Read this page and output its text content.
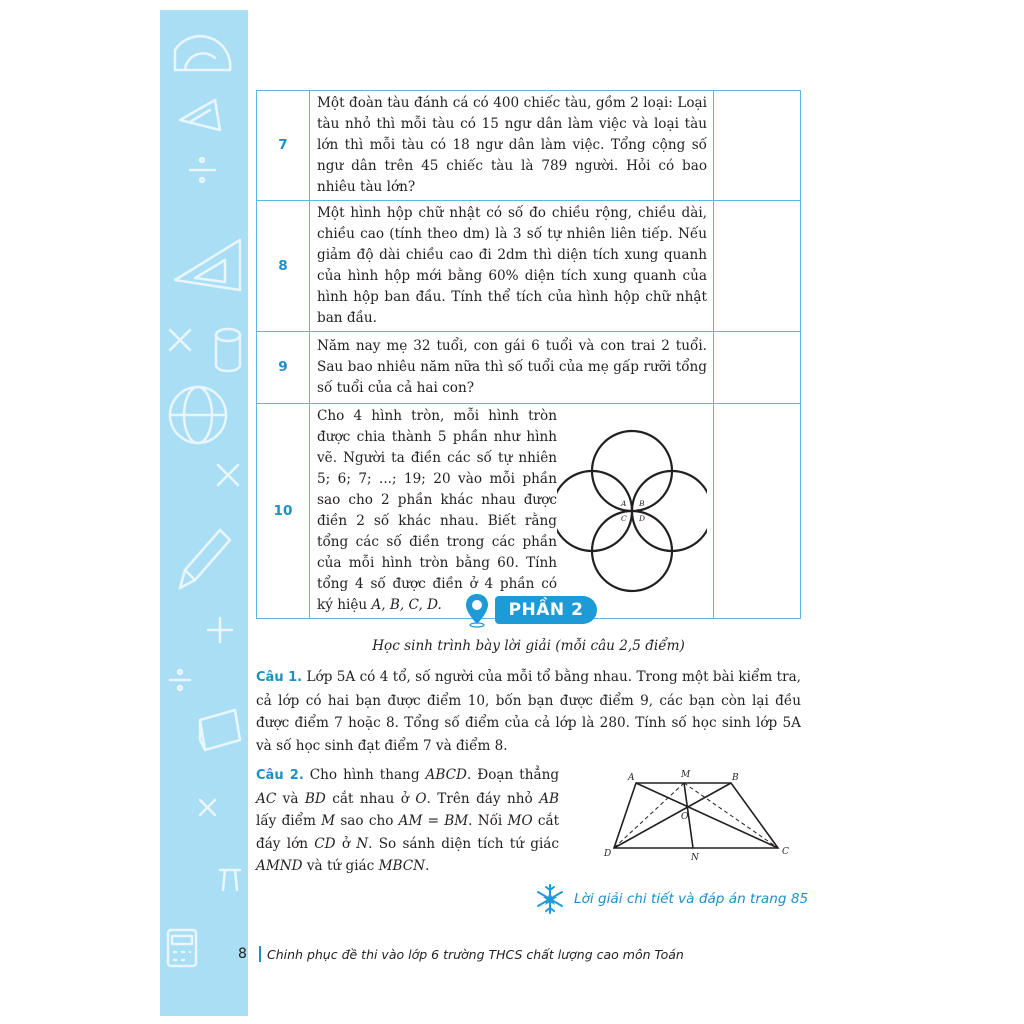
7	Một đoàn tàu đánh cá có 400 chiếc tàu, gồm 2 loại: Loại tàu nhỏ thì mỗi tàu có 15 ngư dân làm việc và loại tàu lớn thì mỗi tàu có 18 ngư dân làm việc. Tổng cộng số ngư dân trên 45 chiếc tàu là 789 người. Hỏi có bao nhiêu tàu lớn?	
8	Một hình hộp chữ nhật có số đo chiều rộng, chiều dài, chiều cao (tính theo dm) là 3 số tự nhiên liên tiếp. Nếu giảm độ dài chiều cao đi 2dm thì diện tích xung quanh của hình hộp mới bằng 60% diện tích xung quanh của hình hộp ban đầu. Tính thể tích của hình hộp chữ nhật ban đầu.	
9	Năm nay mẹ 32 tuổi, con gái 6 tuổi và con trai 2 tuổi. Sau bao nhiêu năm nữa thì số tuổi của mẹ gấp rưỡi tổng số tuổi của cả hai con?	
10	Cho 4 hình tròn, mỗi hình tròn được chia thành 5 phần như hình vẽ. Người ta điền các số tự nhiên 5; 6; 7; ...; 19; 20 vào mỗi phần sao cho 2 phần khác nhau được điền 2 số khác nhau. Biết rằng tổng các số điền trong các phần của mỗi hình tròn bằng 60. Tính tổng 4 số được điền ở 4 phần có ký hiệu A, B, C, D.
A B
C D	

PHẦN 2
Học sinh trình bày lời giải (mỗi câu 2,5 điểm)
Câu 1. Lớp 5A có 4 tổ, số người của mỗi tổ bằng nhau. Trong một bài kiểm tra, cả lớp có hai bạn được điểm 10, bốn bạn được điểm 9, các bạn còn lại đều được điểm 7 hoặc 8. Tổng số điểm của cả lớp là 280. Tính số học sinh lớp 5A và số học sinh đạt điểm 7 và điểm 8.
Câu 2. Cho hình thang ABCD. Đoạn thẳng AC và BD cắt nhau ở O. Trên đáy nhỏ AB lấy điểm M sao cho AM = BM. Nối MO cắt đáy lớn CD ở N. So sánh diện tích tứ giác AMND và tứ giác MBCN.
A	M	B
O
D	N
C
Lời giải chi tiết và đáp án trang 85
8	Chinh phục đề thi vào lớp 6 trường THCS chất lượng cao môn Toán
